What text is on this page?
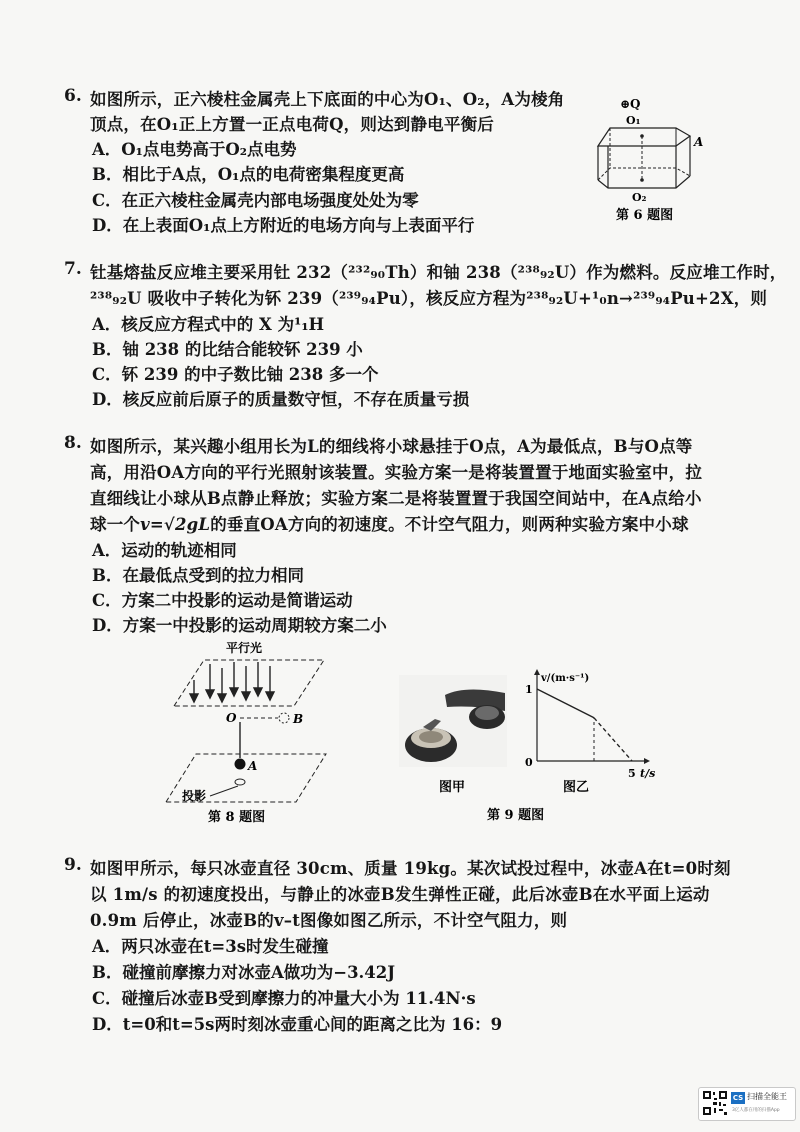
6. 如图所示，正六棱柱金属壳上下底面的中心为O₁、O₂，A为棱角
顶点，在O₁正上方置一正点电荷Q，则达到静电平衡后
A．O₁点电势高于O₂点电势
B．相比于A点，O₁点的电荷密集程度更高
C．在正六棱柱金属壳内部电场强度处处为零
D．在上表面O₁点上方附近的电场方向与上表面平行
⊕Q
O₁
A
O₂
第 6 题图
7. 钍基熔盐反应堆主要采用钍 232（²³²₉₀Th）和铀 238（²³⁸₉₂U）作为燃料。反应堆工作时，
²³⁸₉₂U 吸收中子转化为钚 239（²³⁹₉₄Pu），核反应方程为²³⁸₉₂U+¹₀n→²³⁹₉₄Pu+2X，则
A．核反应方程式中的 X 为¹₁H
B．铀 238 的比结合能较钚 239 小
C．钚 239 的中子数比铀 238 多一个
D．核反应前后原子的质量数守恒，不存在质量亏损
8. 如图所示，某兴趣小组用长为L的细线将小球悬挂于O点，A为最低点，B与O点等
高，用沿OA方向的平行光照射该装置。实验方案一是将装置置于地面实验室中，拉
直细线让小球从B点静止释放；实验方案二是将装置置于我国空间站中，在A点给小
球一个v=√2gL的垂直OA方向的初速度。不计空气阻力，则两种实验方案中小球
A．运动的轨迹相同
B．在最低点受到的拉力相同
C．方案二中投影的运动是简谐运动
D．方案一中投影的运动周期较方案二小
平行光
O	B
A
投影
第 8 题图
图甲
v/(m·s⁻¹)
t/s
0
5
1
图乙
第 9 题图
9. 如图甲所示，每只冰壶直径 30cm、质量 19kg。某次试投过程中，冰壶A在t=0时刻
以 1m/s 的初速度投出，与静止的冰壶B发生弹性正碰，此后冰壶B在水平面上运动
0.9m 后停止，冰壶B的v–t图像如图乙所示，不计空气阻力，则
A．两只冰壶在t=3s时发生碰撞
B．碰撞前摩擦力对冰壶A做功为−3.42J
C．碰撞后冰壶B受到摩擦力的冲量大小为 11.4N·s
D．t=0和t=5s两时刻冰壶重心间的距离之比为 16：9
CS 扫描全能王
3亿人都在用的扫描App
